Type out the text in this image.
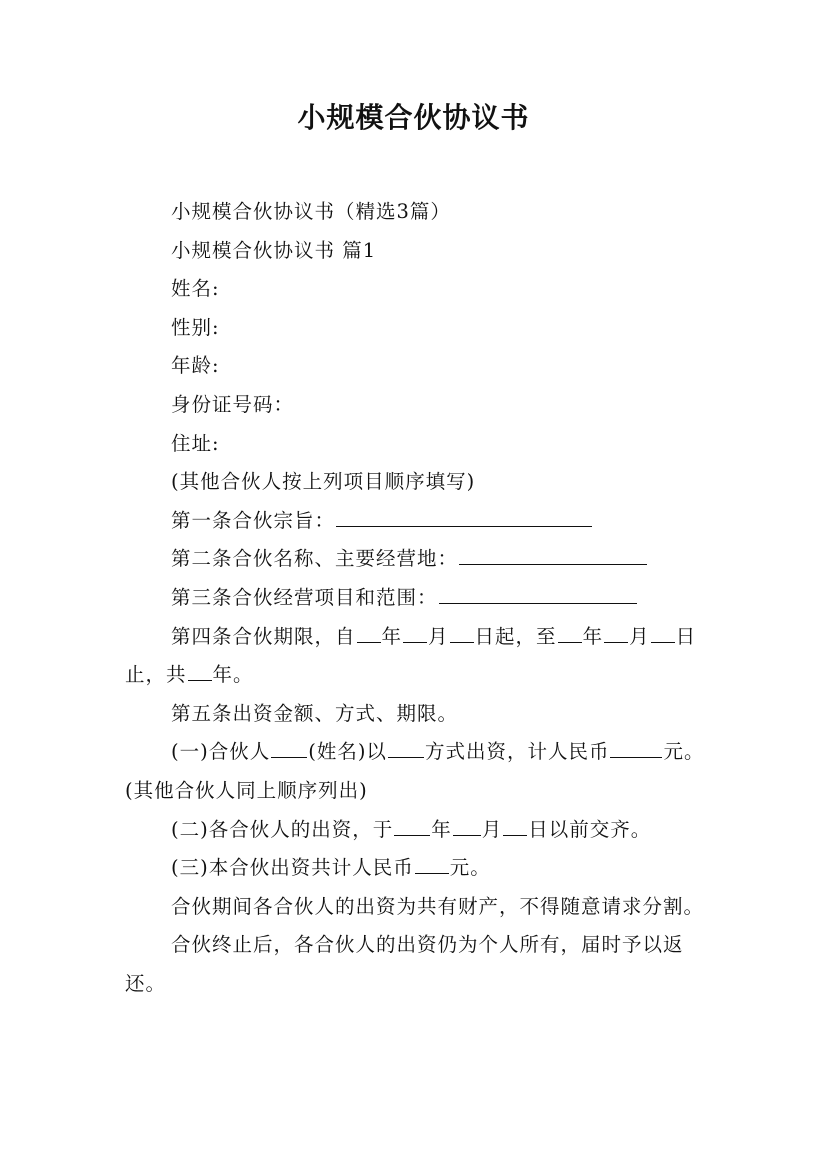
小规模合伙协议书

小规模合伙协议书（精选3篇）

小规模合伙协议书 篇1

姓名:

性别:

年龄:

身份证号码：

住址:

(其他合伙人按上列项目顺序填写)

第一条合伙宗旨：

第二条合伙名称、主要经营地：

第三条合伙经营项目和范围：

第四条合伙期限，自 年 月 日起，至 年 月 日止，共 年。

第五条出资金额、方式、期限。

(一)合伙人 (姓名)以 方式出资，计人民币	元。(其他合伙人同上顺序列出)

(二)各合伙人的出资，于 年 月 日以前交齐。

(三)本合伙出资共计人民币 元。

合伙期间各合伙人的出资为共有财产，不得随意请求分割。

合伙终止后，各合伙人的出资仍为个人所有，届时予以返还。
